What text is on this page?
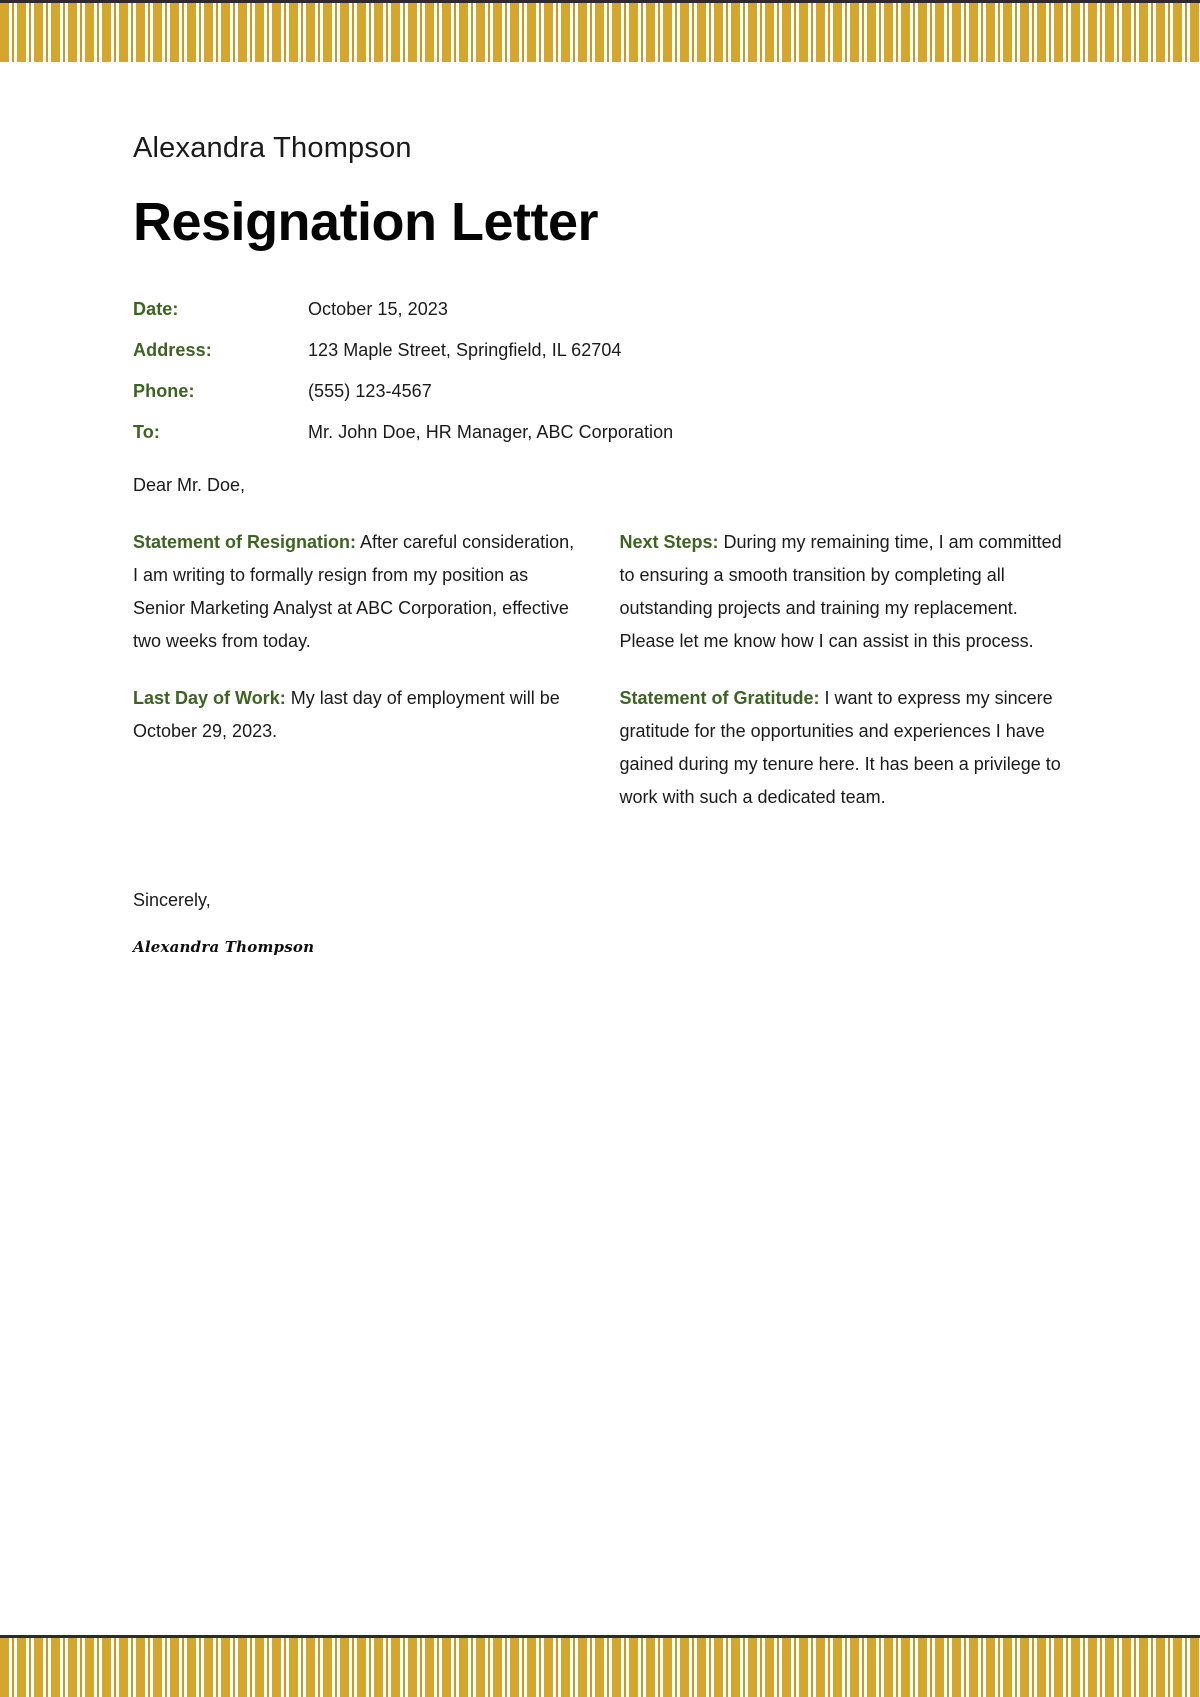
Alexandra Thompson
Resignation Letter
Date:	October 15, 2023
Address:	123 Maple Street, Springfield, IL 62704
Phone:	(555) 123-4567
To:	Mr. John Doe, HR Manager, ABC Corporation
Dear Mr. Doe,

Statement of Resignation: After careful consideration, I am writing to formally resign from my position as Senior Marketing Analyst at ABC Corporation, effective two weeks from today.

Last Day of Work: My last day of employment will be October 29, 2023.

Next Steps: During my remaining time, I am committed to ensuring a smooth transition by completing all outstanding projects and training my replacement. Please let me know how I can assist in this process.

Statement of Gratitude: I want to express my sincere gratitude for the opportunities and experiences I have gained during my tenure here. It has been a privilege to work with such a dedicated team.

Sincerely,
Alexandra Thompson
